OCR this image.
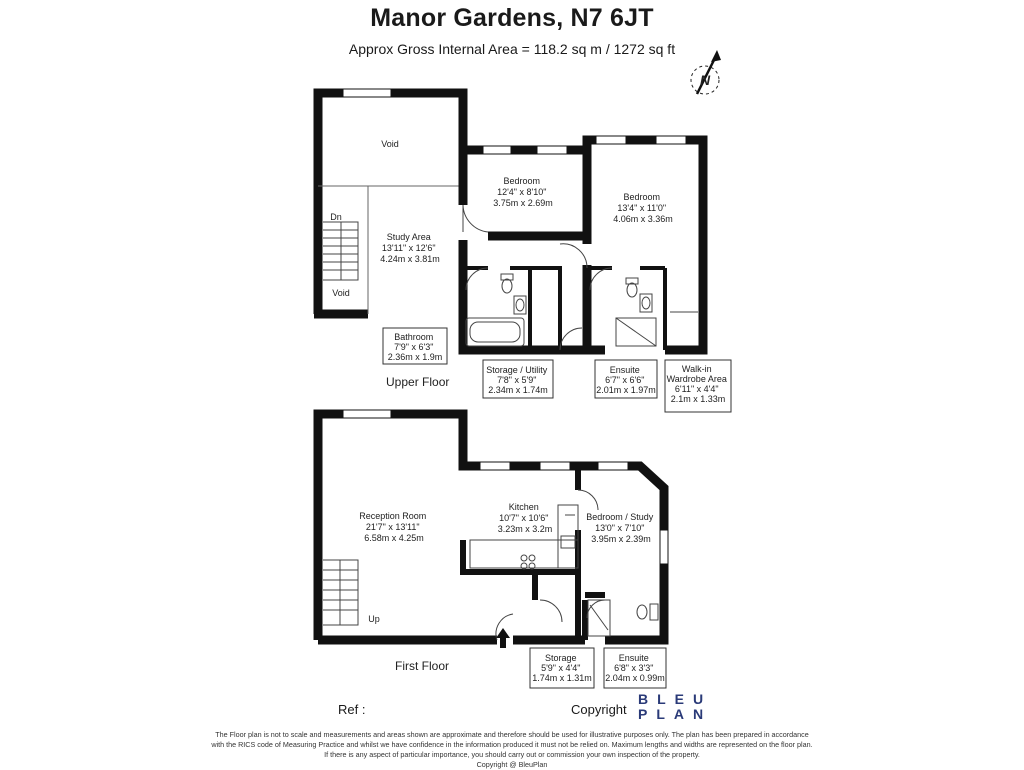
Manor Gardens, N7 6JT
Approx Gross Internal Area = 118.2 sq m / 1272 sq ft
N
Void
Study Area 13'11" x 12'6" 4.24m x 3.81m
Dn
Void
Bedroom 12'4" x 8'10" 3.75m x 2.69m
Bedroom 13'4" x 11'0" 4.06m x 3.36m
Bathroom 7'9" x 6'3" 2.36m x 1.9m
Storage / Utility 7'8" x 5'9" 2.34m x 1.74m
Ensuite 6'7" x 6'6" 2.01m x 1.97m
Walk-in Wardrobe Area 6'11" x 4'4" 2.1m x 1.33m
Reception Room 21'7" x 13'11" 6.58m x 4.25m
Up
Kitchen 10'7" x 10'6" 3.23m x 3.2m
Bedroom / Study 13'0" x 7'10" 3.95m x 2.39m
Storage 5'9" x 4'4" 1.74m x 1.31m
Ensuite 6'8" x 3'3" 2.04m x 0.99m
Upper Floor
First Floor
Ref :	Copyright
BLEU
PLAN
The Floor plan is not to scale and measurements and areas shown are approximate and therefore should be used for illustrative purposes only. The plan has been prepared in accordance
with the RICS code of Measuring Practice and whilst we have confidence in the information produced it must not be relied on. Maximum lengths and widths are represented on the floor plan.
If there is any aspect of particular importance, you should carry out or commission your own inspection of the property.
Copyright @ BleuPlan
